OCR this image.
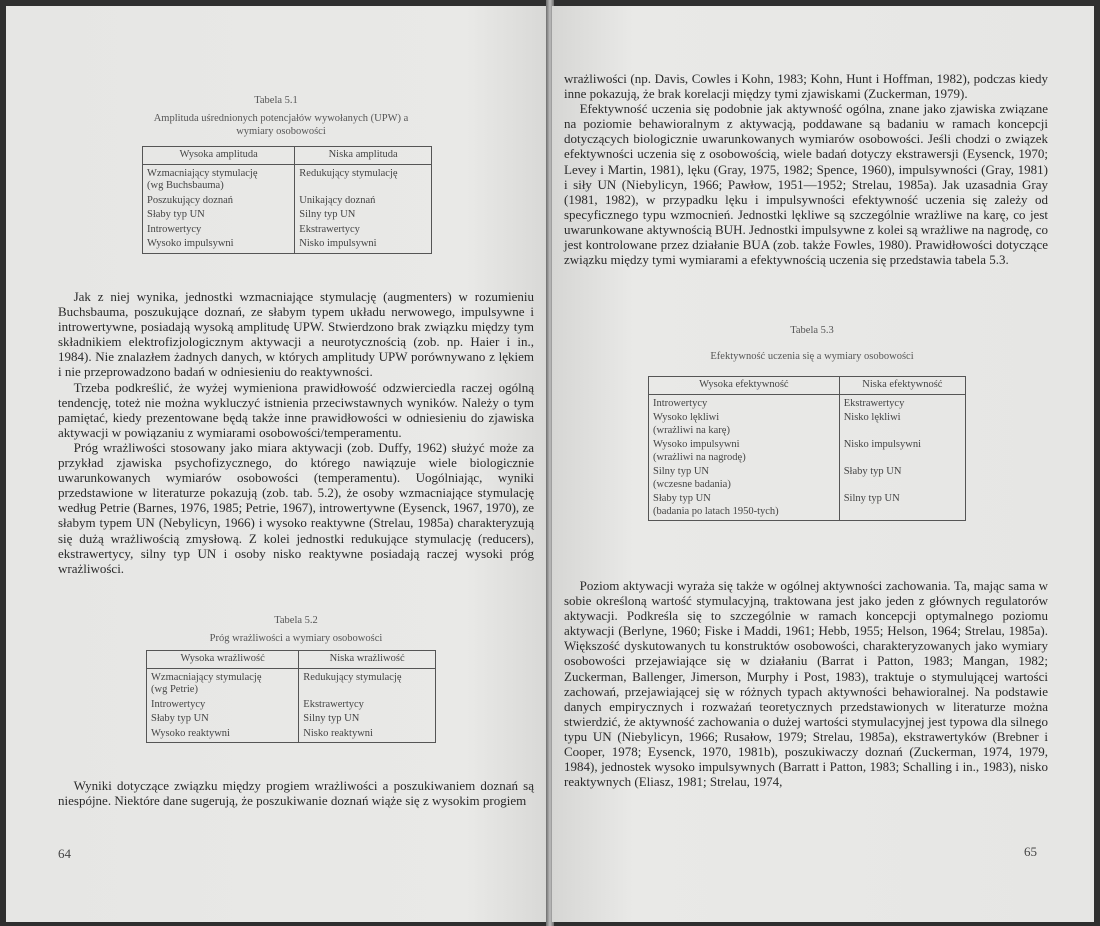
Tabela 5.1
Amplituda uśrednionych potencjałów wywołanych (UPW) a wymiary osobowości
Wysoka amplituda	Niska amplituda
Wzmacniający stymulację
(wg Buchsbauma)	Redukujący stymulację
Poszukujący doznań	Unikający doznań
Słaby typ UN	Silny typ UN
Introwertycy	Ekstrawertycy
Wysoko impulsywni	Nisko impulsywni

Jak z niej wynika, jednostki wzmacniające stymulację (augmenters) w rozumieniu Buchsbauma, poszukujące doznań, ze słabym typem układu nerwowego, impulsywne i introwertywne, posiadają wysoką amplitudę UPW. Stwierdzono brak związku między tym składnikiem elektrofizjologicznym aktywacji a neurotycznością (zob. np. Haier i in., 1984). Nie znalazłem żadnych danych, w których amplitudy UPW porównywano z lękiem i nie przeprowadzono badań w odniesieniu do reaktywności.

Trzeba podkreślić, że wyżej wymieniona prawidłowość odzwierciedla raczej ogólną tendencję, toteż nie można wykluczyć istnienia przeciwstawnych wyników. Należy o tym pamiętać, kiedy prezentowane będą także inne prawidłowości w odniesieniu do zjawiska aktywacji w powiązaniu z wymiarami osobowości/temperamentu.

Próg wrażliwości stosowany jako miara aktywacji (zob. Duffy, 1962) służyć może za przykład zjawiska psychofizycznego, do którego nawiązuje wiele biologicznie uwarunkowanych wymiarów osobowości (temperamentu). Uogólniając, wyniki przedstawione w literaturze pokazują (zob. tab. 5.2), że osoby wzmacniające stymulację według Petrie (Barnes, 1976, 1985; Petrie, 1967), introwertywne (Eysenck, 1967, 1970), ze słabym typem UN (Nebylicyn, 1966) i wysoko reaktywne (Strelau, 1985a) charakteryzują się dużą wrażliwością zmysłową. Z kolei jednostki redukujące stymulację (reducers), ekstrawertycy, silny typ UN i osoby nisko reaktywne posiadają raczej wysoki próg wrażliwości.

Tabela 5.2
Próg wrażliwości a wymiary osobowości
Wysoka wrażliwość	Niska wrażliwość
Wzmacniający stymulację
(wg Petrie)	Redukujący stymulację
Introwertycy	Ekstrawertycy
Słaby typ UN	Silny typ UN
Wysoko reaktywni	Nisko reaktywni

Wyniki dotyczące związku między progiem wrażliwości a poszukiwaniem doznań są niespójne. Niektóre dane sugerują, że poszukiwanie doznań wiąże się z wysokim progiem

64

wrażliwości (np. Davis, Cowles i Kohn, 1983; Kohn, Hunt i Hoffman, 1982), podczas kiedy inne pokazują, że brak korelacji między tymi zjawiskami (Zuckerman, 1979).

Efektywność uczenia się podobnie jak aktywność ogólna, znane jako zjawiska związane na poziomie behawioralnym z aktywacją, poddawane są badaniu w ramach koncepcji dotyczących biologicznie uwarunkowanych wymiarów osobowości. Jeśli chodzi o związek efektywności uczenia się z osobowością, wiele badań dotyczy ekstrawersji (Eysenck, 1970; Levey i Martin, 1981), lęku (Gray, 1975, 1982; Spence, 1960), impulsywności (Gray, 1981) i siły UN (Niebylicyn, 1966; Pawłow, 1951—1952; Strelau, 1985a). Jak uzasadnia Gray (1981, 1982), w przypadku lęku i impulsywności efektywność uczenia się zależy od specyficznego typu wzmocnień. Jednostki lękliwe są szczególnie wrażliwe na karę, co jest uwarunkowane aktywnością BUH. Jednostki impulsywne z kolei są wrażliwe na nagrodę, co jest kontrolowane przez działanie BUA (zob. także Fowles, 1980). Prawidłowości dotyczące związku między tymi wymiarami a efektywnością uczenia się przedstawia tabela 5.3.

Tabela 5.3
Efektywność uczenia się a wymiary osobowości
Wysoka efektywność	Niska efektywność
Introwertycy	Ekstrawertycy
Wysoko lękliwi
(wrażliwi na karę)	Nisko lękliwi
Wysoko impulsywni
(wrażliwi na nagrodę)	Nisko impulsywni
Silny typ UN
(wczesne badania)	Słaby typ UN
Słaby typ UN
(badania po latach 1950-tych)	Silny typ UN

Poziom aktywacji wyraża się także w ogólnej aktywności zachowania. Ta, mając sama w sobie określoną wartość stymulacyjną, traktowana jest jako jeden z głównych regulatorów aktywacji. Podkreśla się to szczególnie w ramach koncepcji optymalnego poziomu aktywacji (Berlyne, 1960; Fiske i Maddi, 1961; Hebb, 1955; Helson, 1964; Strelau, 1985a). Większość dyskutowanych tu konstruktów osobowości, charakteryzowanych jako wymiary osobowości przejawiające się w działaniu (Barrat i Patton, 1983; Mangan, 1982; Zuckerman, Ballenger, Jimerson, Murphy i Post, 1983), traktuje o stymulującej wartości zachowań, przejawiającej się w różnych typach aktywności behawioralnej. Na podstawie danych empirycznych i rozważań teoretycznych przedstawionych w literaturze można stwierdzić, że aktywność zachowania o dużej wartości stymulacyjnej jest typowa dla silnego typu UN (Niebylicyn, 1966; Rusałow, 1979; Strelau, 1985a), ekstrawertyków (Brebner i Cooper, 1978; Eysenck, 1970, 1981b), poszukiwaczy doznań (Zuckerman, 1974, 1979, 1984), jednostek wysoko impulsywnych (Barratt i Patton, 1983; Schalling i in., 1983), nisko reaktywnych (Eliasz, 1981; Strelau, 1974,

65
